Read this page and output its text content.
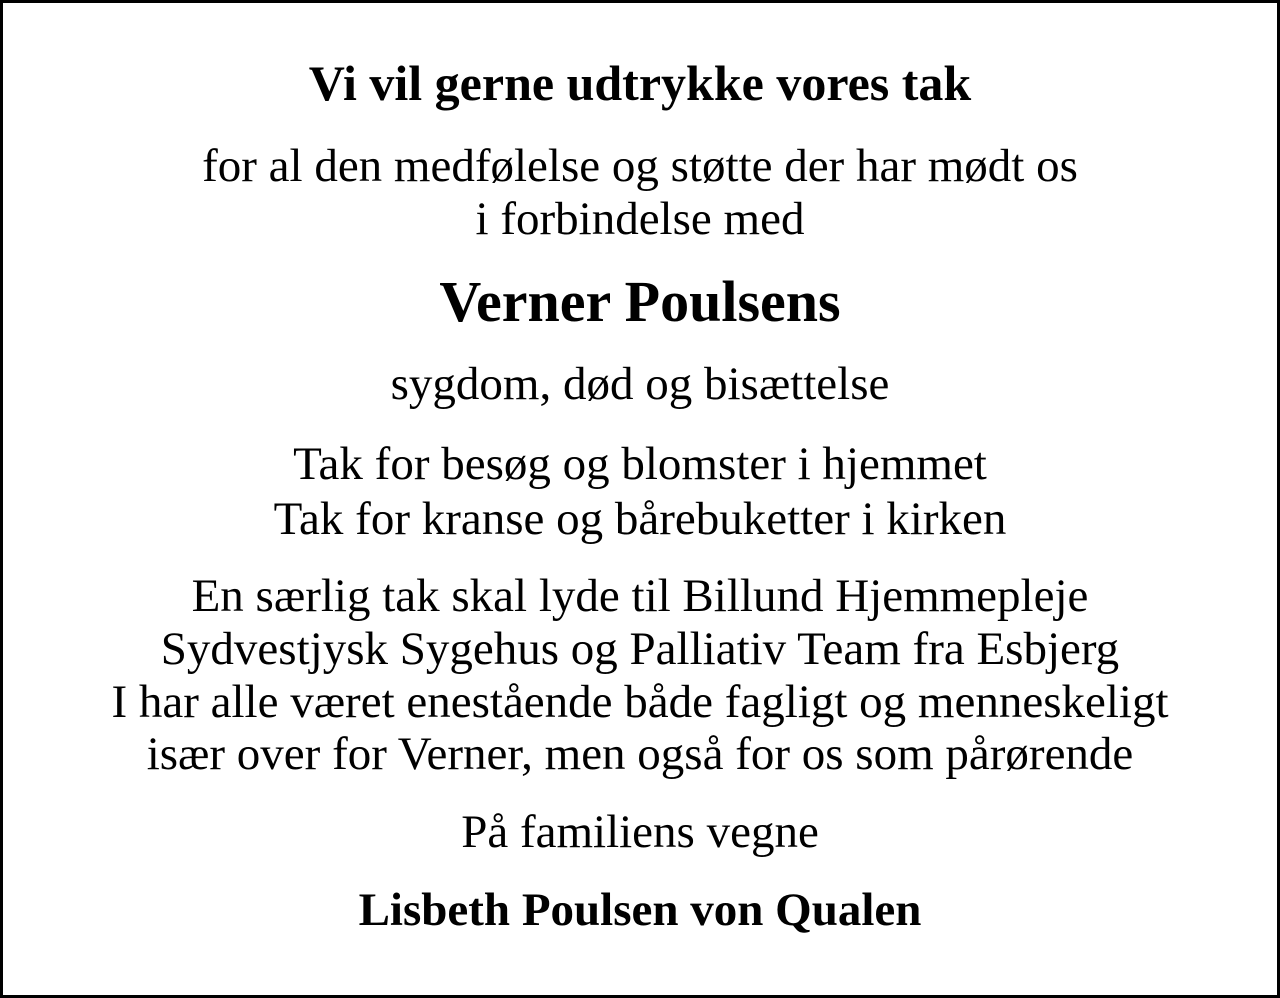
Vi vil gerne udtrykke vores tak
for al den medfølelse og støtte der har mødt os
i forbindelse med
Verner Poulsens
sygdom, død og bisættelse
Tak for besøg og blomster i hjemmet
Tak for kranse og bårebuketter i kirken
En særlig tak skal lyde til Billund Hjemmepleje
Sydvestjysk Sygehus og Palliativ Team fra Esbjerg
I har alle været enestående både fagligt og menneskeligt
især over for Verner, men også for os som pårørende
På familiens vegne
Lisbeth Poulsen von Qualen
